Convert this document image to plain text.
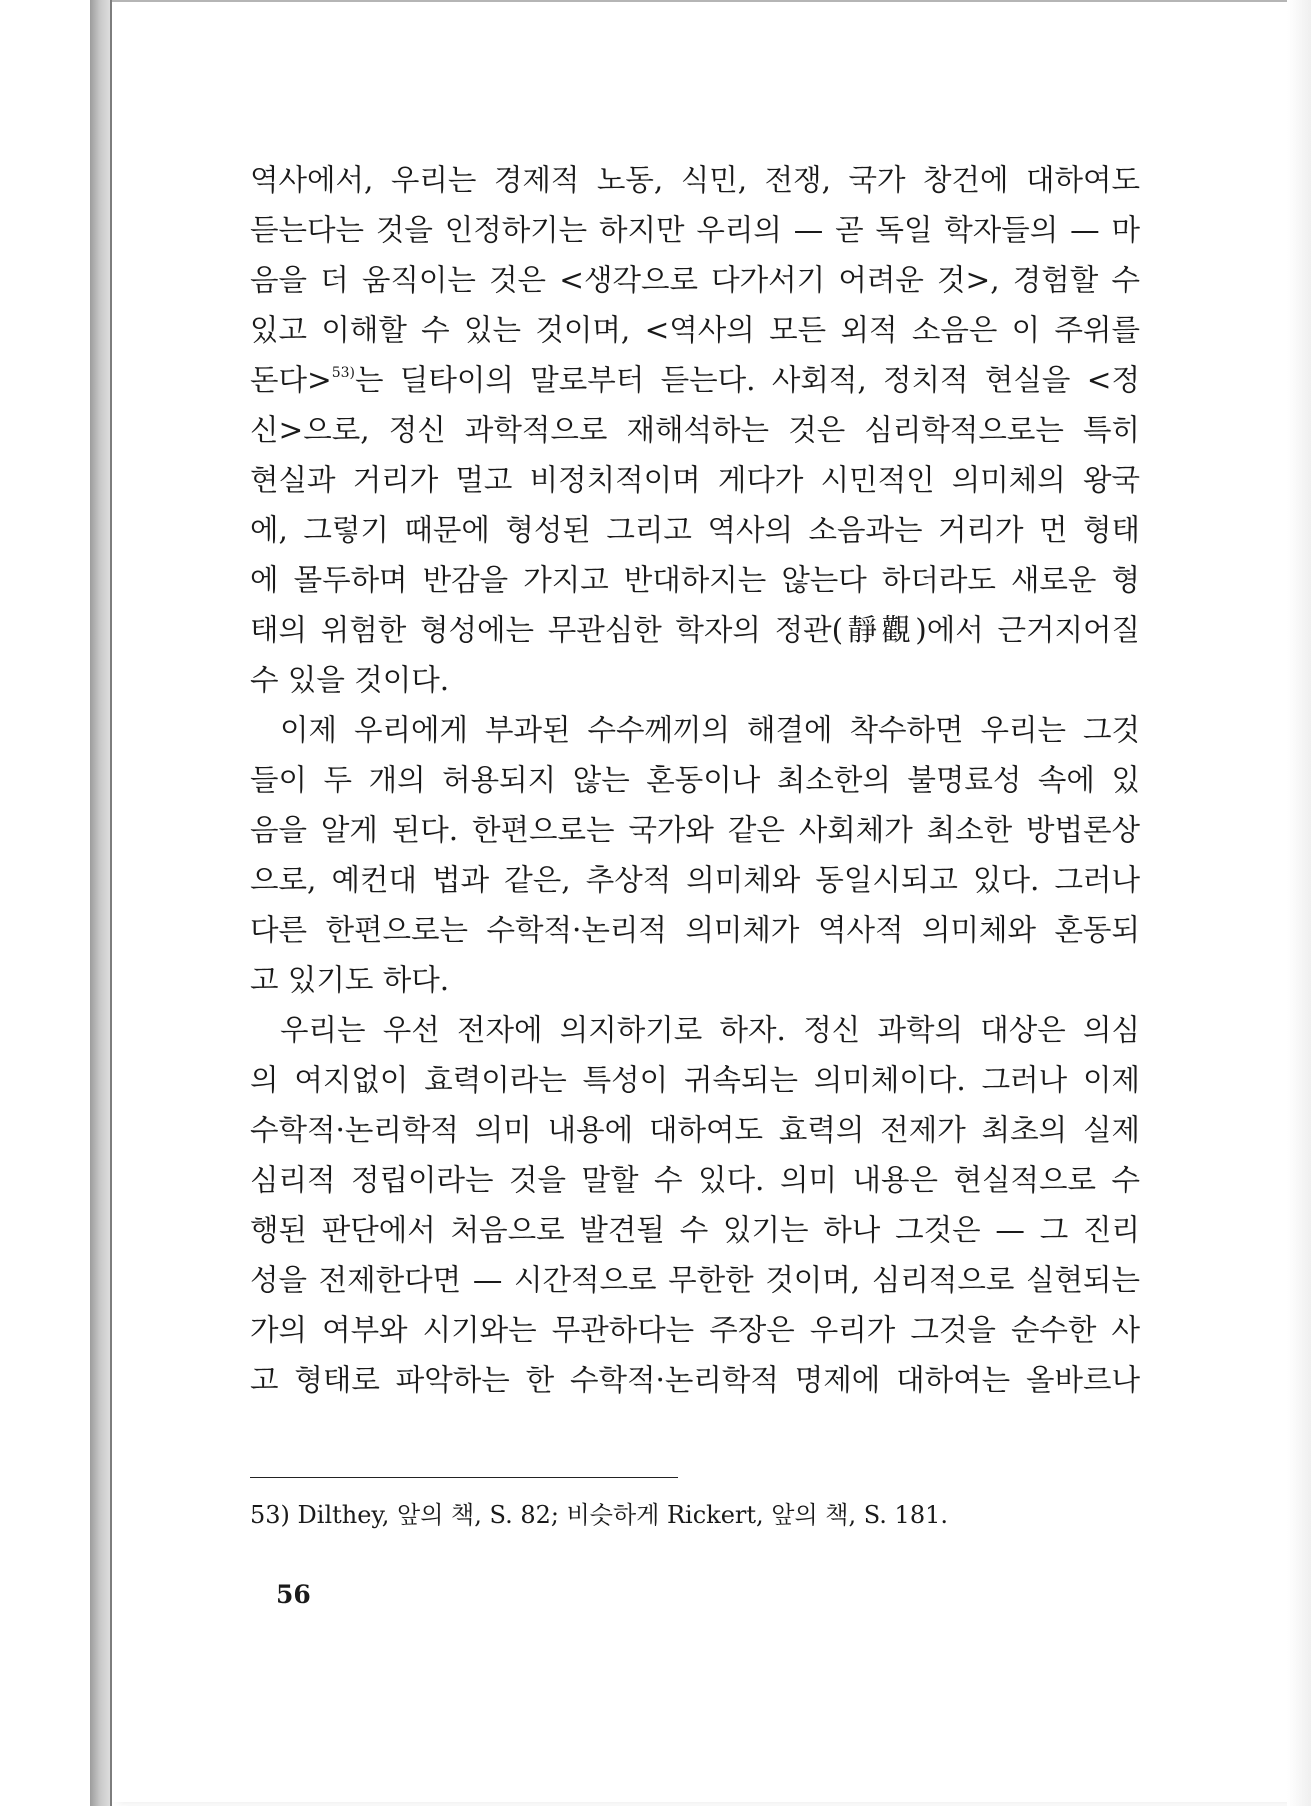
역사에서, 우리는 경제적 노동, 식민, 전쟁, 국가 창건에 대하여도
듣는다는 것을 인정하기는 하지만 우리의 — 곧 독일 학자들의 — 마
음을 더 움직이는 것은 <생각으로 다가서기 어려운 것>, 경험할 수
있고 이해할 수 있는 것이며, <역사의 모든 외적 소음은 이 주위를
돈다>$^{53)}$는 딜타이의 말로부터 듣는다. 사회적, 정치적 현실을 <정
신>으로, 정신 과학적으로 재해석하는 것은 심리학적으로는 특히
현실과 거리가 멀고 비정치적이며 게다가 시민적인 의미체의 왕국
에, 그렇기 때문에 형성된 그리고 역사의 소음과는 거리가 먼 형태
에 몰두하며 반감을 가지고 반대하지는 않는다 하더라도 새로운 형
태의 위험한 형성에는 무관심한 학자의 정관(靜觀)에서 근거지어질
수 있을 것이다.
이제 우리에게 부과된 수수께끼의 해결에 착수하면 우리는 그것
들이 두 개의 허용되지 않는 혼동이나 최소한의 불명료성 속에 있
음을 알게 된다. 한편으로는 국가와 같은 사회체가 최소한 방법론상
으로, 예컨대 법과 같은, 추상적 의미체와 동일시되고 있다. 그러나
다른 한편으로는 수학적·논리적 의미체가 역사적 의미체와 혼동되
고 있기도 하다.
우리는 우선 전자에 의지하기로 하자. 정신 과학의 대상은 의심
의 여지없이 효력이라는 특성이 귀속되는 의미체이다. 그러나 이제
수학적·논리학적 의미 내용에 대하여도 효력의 전제가 최초의 실제
심리적 정립이라는 것을 말할 수 있다. 의미 내용은 현실적으로 수
행된 판단에서 처음으로 발견될 수 있기는 하나 그것은 — 그 진리
성을 전제한다면 — 시간적으로 무한한 것이며, 심리적으로 실현되는
가의 여부와 시기와는 무관하다는 주장은 우리가 그것을 순수한 사
고 형태로 파악하는 한 수학적·논리학적 명제에 대하여는 올바르나
53) Dilthey, 앞의 책, S. 82; 비슷하게 Rickert, 앞의 책, S. 181.
56
